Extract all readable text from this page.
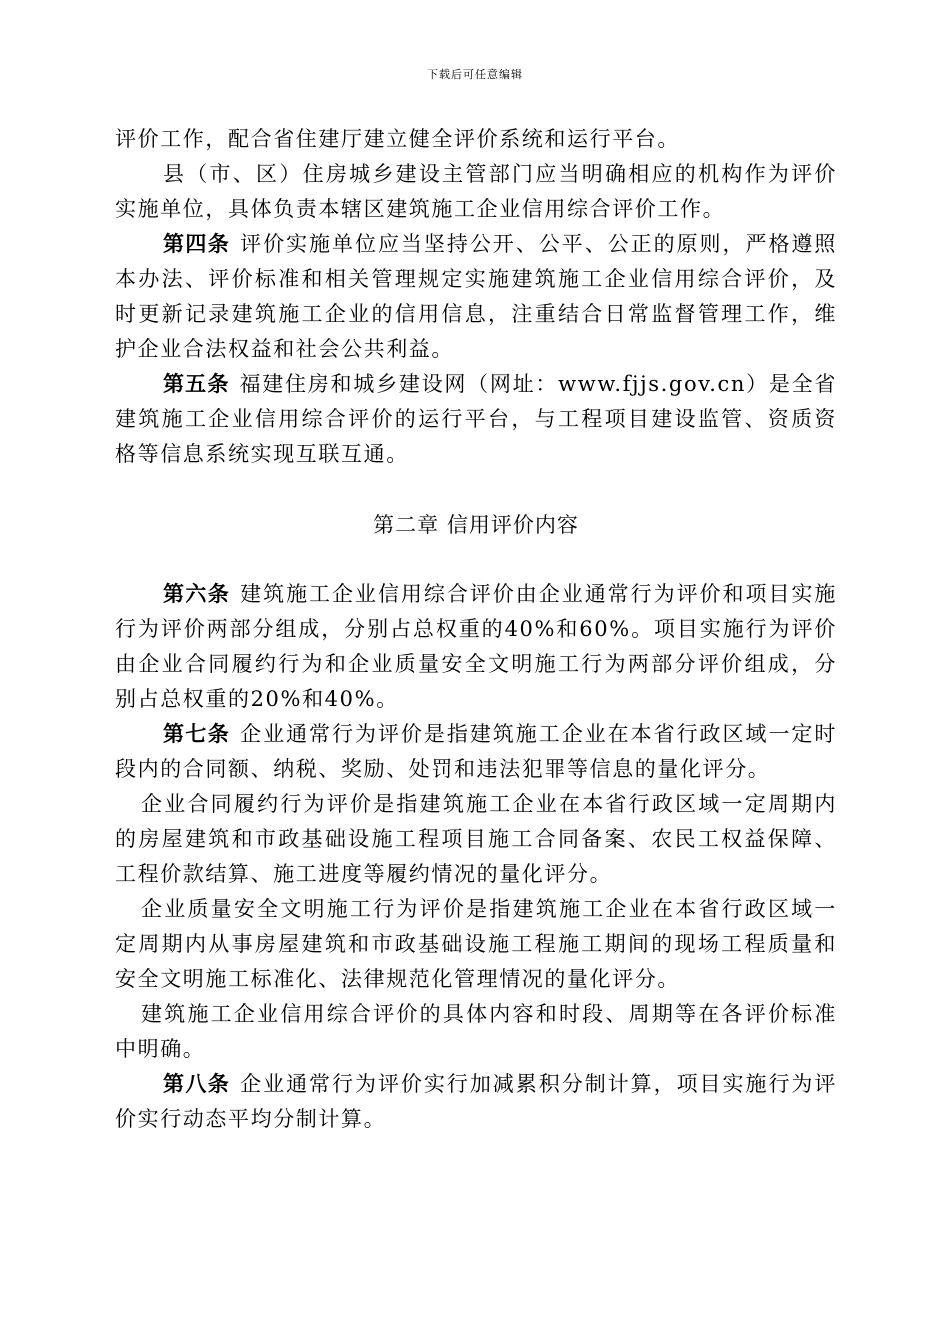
下载后可任意编辑

评价工作，配合省住建厅建立健全评价系统和运行平台。

县（市、区）住房城乡建设主管部门应当明确相应的机构作为评价实施单位，具体负责本辖区建筑施工企业信用综合评价工作。

第四条 评价实施单位应当坚持公开、公平、公正的原则，严格遵照本办法、评价标准和相关管理规定实施建筑施工企业信用综合评价，及时更新记录建筑施工企业的信用信息，注重结合日常监督管理工作，维护企业合法权益和社会公共利益。

第五条 福建住房和城乡建设网（网址：www.fjjs.gov.cn）是全省建筑施工企业信用综合评价的运行平台，与工程项目建设监管、资质资格等信息系统实现互联互通。

第二章 信用评价内容

第六条 建筑施工企业信用综合评价由企业通常行为评价和项目实施行为评价两部分组成，分别占总权重的40%和60%。项目实施行为评价由企业合同履约行为和企业质量安全文明施工行为两部分评价组成，分别占总权重的20%和40%。

第七条 企业通常行为评价是指建筑施工企业在本省行政区域一定时段内的合同额、纳税、奖励、处罚和违法犯罪等信息的量化评分。

企业合同履约行为评价是指建筑施工企业在本省行政区域一定周期内的房屋建筑和市政基础设施工程项目施工合同备案、农民工权益保障、工程价款结算、施工进度等履约情况的量化评分。

企业质量安全文明施工行为评价是指建筑施工企业在本省行政区域一定周期内从事房屋建筑和市政基础设施工程施工期间的现场工程质量和安全文明施工标准化、法律规范化管理情况的量化评分。

建筑施工企业信用综合评价的具体内容和时段、周期等在各评价标准中明确。

第八条 企业通常行为评价实行加减累积分制计算，项目实施行为评价实行动态平均分制计算。
